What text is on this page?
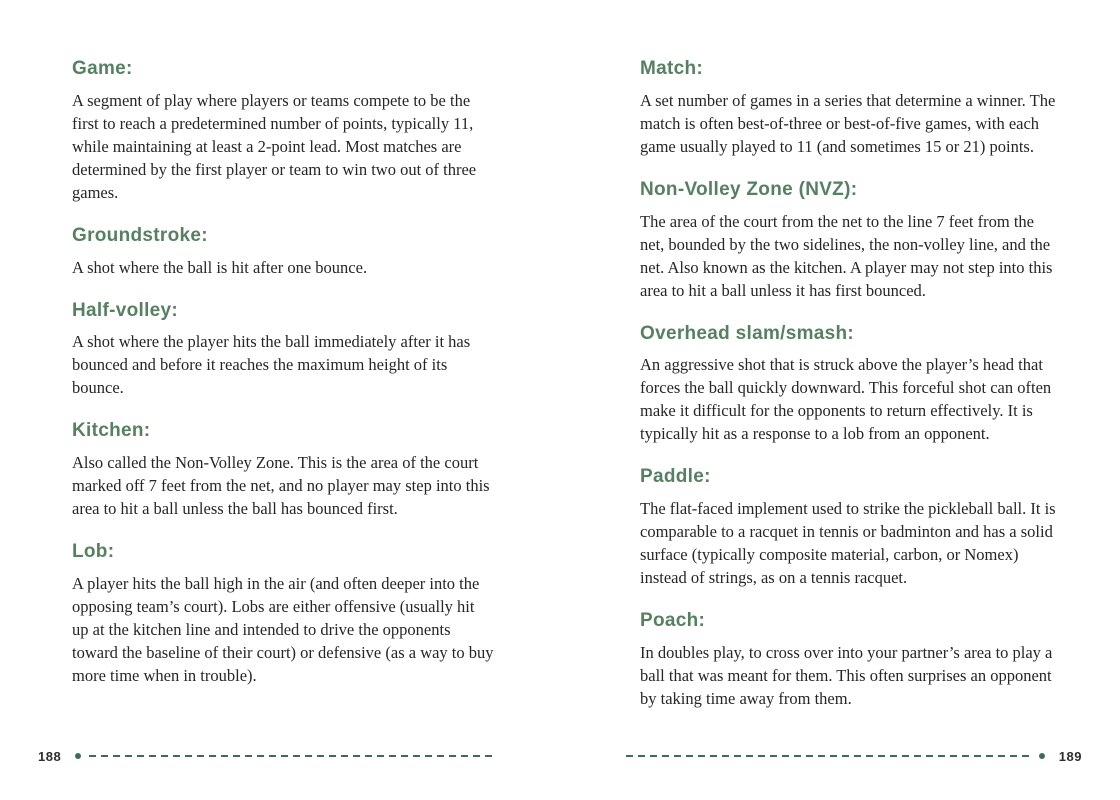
Game:

A segment of play where players or teams compete to be the first to reach a predetermined number of points, typically 11, while maintaining at least a 2-point lead. Most matches are determined by the first player or team to win two out of three games.

Groundstroke:

A shot where the ball is hit after one bounce.

Half-volley:

A shot where the player hits the ball immediately after it has bounced and before it reaches the maximum height of its bounce.

Kitchen:

Also called the Non-Volley Zone. This is the area of the court marked off 7 feet from the net, and no player may step into this area to hit a ball unless the ball has bounced first.

Lob:

A player hits the ball high in the air (and often deeper into the opposing team’s court). Lobs are either offensive (usually hit up at the kitchen line and intended to drive the opponents toward the baseline of their court) or defensive (as a way to buy more time when in trouble).

188
Match:

A set number of games in a series that determine a winner. The match is often best-of-three or best-of-five games, with each game usually played to 11 (and sometimes 15 or 21) points.

Non-Volley Zone (NVZ):

The area of the court from the net to the line 7 feet from the net, bounded by the two sidelines, the non-volley line, and the net. Also known as the kitchen. A player may not step into this area to hit a ball unless it has first bounced.

Overhead slam/smash:

An aggressive shot that is struck above the player’s head that forces the ball quickly downward. This forceful shot can often make it difficult for the opponents to return effectively. It is typically hit as a response to a lob from an opponent.

Paddle:

The flat-faced implement used to strike the pickleball ball. It is comparable to a racquet in tennis or badminton and has a solid surface (typically composite material, carbon, or Nomex) instead of strings, as on a tennis racquet.

Poach:

In doubles play, to cross over into your partner’s area to play a ball that was meant for them. This often surprises an opponent by taking time away from them.

189
